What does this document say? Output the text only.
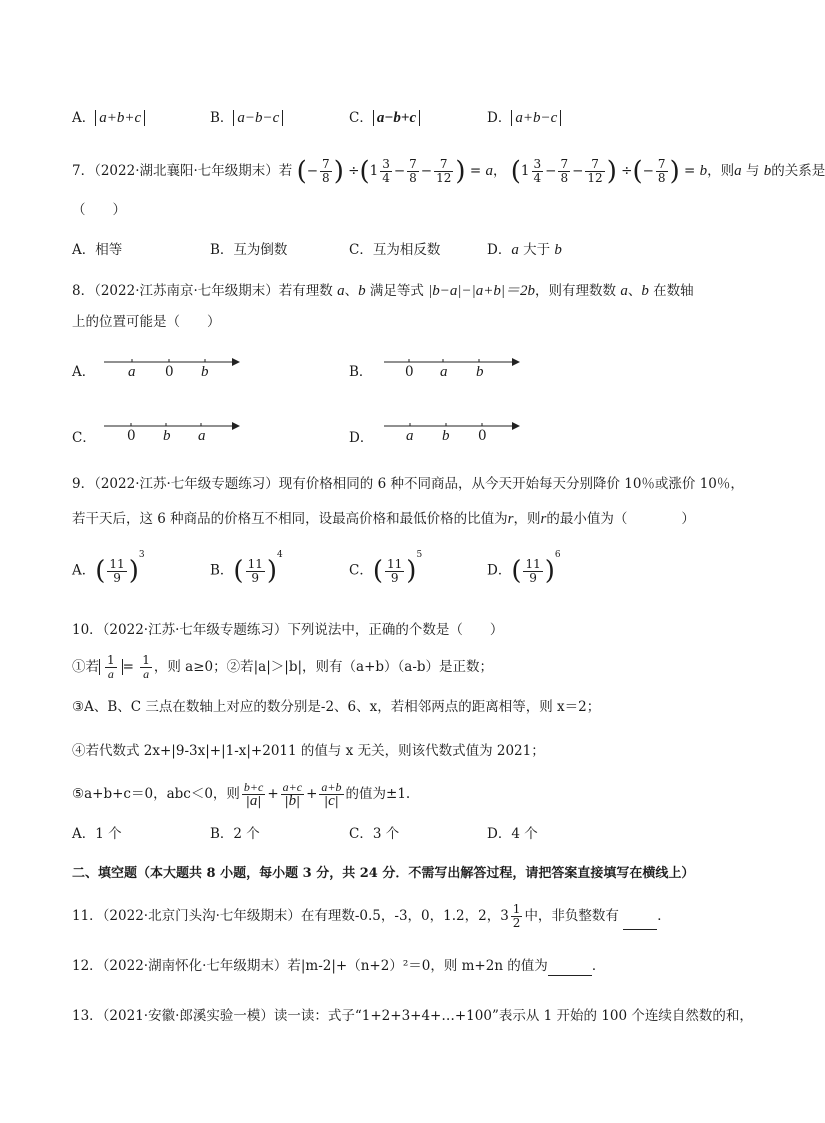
A． a+b+c	B． a−b−c	C． a−b+c	D． a+b−c
7．（2022·湖北襄阳·七年级期末）若 (− $\frac{7}{8}$ ) $\div(1 \frac{3}{4} - \frac{7}{8} - \frac{7}{12}$ ) = a， ($1 \frac{3}{4} - \frac{7}{8} - \frac{7}{12}$ ) ÷(− $\frac{7}{8}$ ) = b，则a 与 b的关系是
（　　）
A．相等	B．互为倒数	C．互为相反数	D．a 大于 b
8．（2022·江苏南京·七年级期末）若有理数 a、b 满足等式 |b−a|−|a+b|＝2b，则有理数数 a、b 在数轴
上的位置可能是（　　）
A． a 0 b	B． 0 a b
C． 0 b a	D． a b 0
9．（2022·江苏·七年级专题练习）现有价格相同的 6 种不同商品，从今天开始每天分别降价 10％或涨价 10％，
若干天后，这 6 种商品的价格互不相同，设最高价格和最低价格的比值为r，则r的最小值为（　　　　）
A．( $\frac{11}{9} )^3$
B．( $\frac{11}{9} )^4$
C．( $\frac{11}{9} )^5$
D．( $\frac{11}{9} )^6$
10．（2022·江苏·七年级专题练习）下列说法中，正确的个数是（　　）
①若 $\frac{1}{a} = \frac{1}{a}$ ，则 a≥0；②若|a|＞|b|，则有（a+b）（a-b）是正数；
③A、B、C 三点在数轴上对应的数分别是-2、6、x，若相邻两点的距离相等，则 x＝2；
④若代数式 2x+|9-3x|+|1-x|+2011 的值与 x 无关，则该代数式值为 2021；
⑤a+b+c＝0，abc＜0，则 $\frac{b+c}{|a|} + \frac{a+c}{|b|} + \frac{a+b}{|c|}$ 的值为±1.
A．1 个	B．2 个	C．3 个	D．4 个
二、填空题（本大题共 8 小题，每小题 3 分，共 24 分．不需写出解答过程，请把答案直接填写在横线上）
11．（2022·北京门头沟·七年级期末）在有理数-0.5，-3，0，1.2，2，$3 \frac{1}{2}$ 中，非负整数有	．
12．（2022·湖南怀化·七年级期末）若|m-2|+（n+2）²＝0，则 m+2n 的值为	．
13．（2021·安徽·郎溪实验一模）读一读：式子“1+2+3+4+…+100”表示从 1 开始的 100 个连续自然数的和，
